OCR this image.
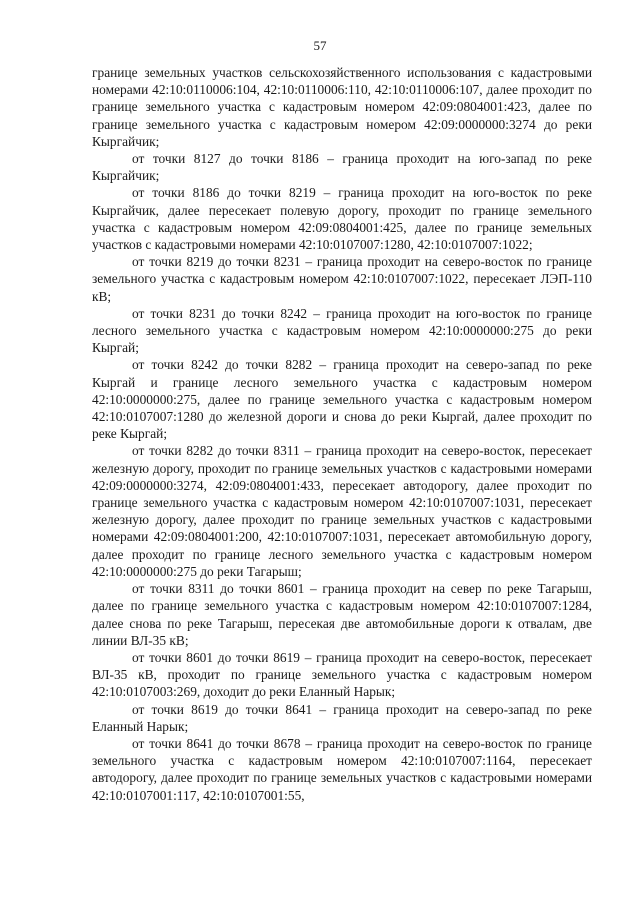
57

границе земельных участков сельскохозяйственного использования с кадастровыми номерами 42:10:0110006:104, 42:10:0110006:110, 42:10:0110006:107, далее проходит по границе земельного участка с кадастровым номером 42:09:0804001:423, далее по границе земельного участка с кадастровым номером 42:09:0000000:3274 до реки Кыргайчик;

от точки 8127 до точки 8186 – граница проходит на юго-запад по реке Кыргайчик;

от точки 8186 до точки 8219 – граница проходит на юго-восток по реке Кыргайчик, далее пересекает полевую дорогу, проходит по границе земельного участка с кадастровым номером 42:09:0804001:425, далее по границе земельных участков с кадастровыми номерами 42:10:0107007:1280, 42:10:0107007:1022;

от точки 8219 до точки 8231 – граница проходит на северо-восток по границе земельного участка с кадастровым номером 42:10:0107007:1022, пересекает ЛЭП-110 кВ;

от точки 8231 до точки 8242 – граница проходит на юго-восток по границе лесного земельного участка с кадастровым номером 42:10:0000000:275 до реки Кыргай;

от точки 8242 до точки 8282 – граница проходит на северо-запад по реке Кыргай и границе лесного земельного участка с кадастровым номером 42:10:0000000:275, далее по границе земельного участка с кадастровым номером 42:10:0107007:1280 до железной дороги и снова до реки Кыргай, далее проходит по реке Кыргай;

от точки 8282 до точки 8311 – граница проходит на северо-восток, пересекает железную дорогу, проходит по границе земельных участков с кадастровыми номерами 42:09:0000000:3274, 42:09:0804001:433, пересекает автодорогу, далее проходит по границе земельного участка с кадастровым номером 42:10:0107007:1031, пересекает железную дорогу, далее проходит по границе земельных участков с кадастровыми номерами 42:09:0804001:200, 42:10:0107007:1031, пересекает автомобильную дорогу, далее проходит по границе лесного земельного участка с кадастровым номером 42:10:0000000:275 до реки Тагарыш;

от точки 8311 до точки 8601 – граница проходит на север по реке Тагарыш, далее по границе земельного участка с кадастровым номером 42:10:0107007:1284, далее снова по реке Тагарыш, пересекая две автомобильные дороги к отвалам, две линии ВЛ-35 кВ;

от точки 8601 до точки 8619 – граница проходит на северо-восток, пересекает ВЛ-35 кВ, проходит по границе земельного участка с кадастровым номером 42:10:0107003:269, доходит до реки Еланный Нарык;

от точки 8619 до точки 8641 – граница проходит на северо-запад по реке Еланный Нарык;

от точки 8641 до точки 8678 – граница проходит на северо-восток по границе земельного участка с кадастровым номером 42:10:0107007:1164, пересекает автодорогу, далее проходит по границе земельных участков с кадастровыми номерами 42:10:0107001:117, 42:10:0107001:55,
